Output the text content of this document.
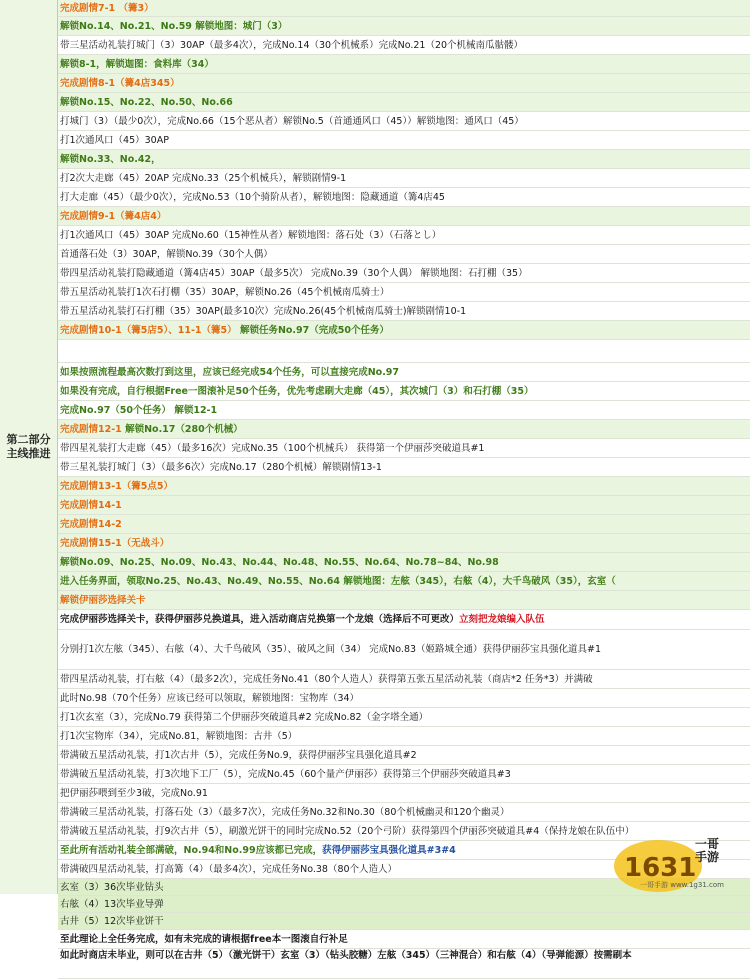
第二部分
主线推进
完成剧情7-1 （篝3）
解锁No.14、No.21、No.59 解锁地图：城门（3）
带三星活动礼装打城门（3）30AP（最多4次），完成No.14（30个机械系）完成No.21（20个机械南瓜骷髅）
解锁8-1，解锁迦图：食料库（34）
完成剧情8-1（篝4店345）
解锁No.15、No.22、No.50、No.66
打城门（3）（最少0次），完成No.66（15个恶从者）解锁No.5（首通通风口（45））解锁地图：通风口（45）
打1次通风口（45）30AP
解锁No.33、No.42，
打2次大走廊（45）20AP 完成No.33（25个机械兵），解锁剧情9-1
打大走廊（45）（最少0次），完成No.53（10个骑阶从者），解锁地图：隐藏通道（篝4店45
完成剧情9-1（篝4店4）
打1次通风口（45）30AP 完成No.60（15神性从者）解锁地图：落石处（3）（石落とし）
首通落石处（3）30AP，解锁No.39（30个人偶）
带四星活动礼装打隐藏通道（篝4店45）30AP（最多5次） 完成No.39（30个人偶） 解锁地图：石打棚（35）
带五星活动礼装打1次石打棚（35）30AP，解锁No.26（45个机械南瓜骑士）
带五星活动礼装打石打棚（35）30AP(最多10次）完成No.26(45个机械南瓜骑士)解锁剧情10-1
完成剧情10-1（篝5店5）、11-1（篝5） 解锁任务No.97（完成50个任务）
如果按照流程最高次数打到这里，应该已经完成54个任务，可以直接完成No.97
如果没有完成，自行根据Free一图滚补足50个任务，优先考虑刷大走廊（45），其次城门（3）和石打棚（35）
完成No.97（50个任务） 解锁12-1
完成剧情12-1 解锁No.17（280个机械）
带四星礼装打大走廊（45）（最多16次）完成No.35（100个机械兵） 获得第一个伊丽莎突破道具#1
带三星礼装打城门（3）（最多6次）完成No.17（280个机械）解锁剧情13-1
完成剧情13-1（篝5点5）
完成剧情14-1
完成剧情14-2
完成剧情15-1（无战斗）
解锁No.09、No.25、No.09、No.43、No.44、No.48、No.55、No.64、No.78~84、No.98
进入任务界面，领取No.25、No.43、No.49、No.55、No.64 解锁地图：左舷（345），右舷（4），大千鸟破风（35），玄室（
解锁伊丽莎选择关卡
完成伊丽莎选择关卡，获得伊丽莎兑换道具，进入活动商店兑换第一个龙娘（选择后不可更改）立刻把龙娘编入队伍
分别打1次左舷（345）、右舷（4）、大千鸟破风（35）、破风之间（34） 完成No.83（姬路城全通）获得伊丽莎宝具强化道具#1
带四星活动礼装，打右舷（4）（最多2次），完成任务No.41（80个人造人）获得第五张五星活动礼装（商店*2 任务*3）并满破
此时No.98（70个任务）应该已经可以领取，解锁地图：宝物库（34）
打1次玄室（3），完成No.79 获得第二个伊丽莎突破道具#2 完成No.82（金字塔全通）
打1次宝物库（34），完成No.81，解锁地图：古井（5）
带满破五星活动礼装，打1次古井（5），完成任务No.9，获得伊丽莎宝具强化道具#2
带满破五星活动礼装，打3次地下工厂（5），完成No.45（60个量产伊丽莎）获得第三个伊丽莎突破道具#3
把伊丽莎喂到至少3破，完成No.91
带满破三星活动礼装，打落石处（3）（最多7次），完成任务No.32和No.30（80个机械幽灵和120个幽灵）
带满破五星活动礼装，打9次古井（5），刷激光饼干的同时完成No.52（20个弓阶）获得第四个伊丽莎突破道具#4（保持龙娘在队伍中）
至此所有活动礼装全部满破，No.94和No.99应该都已完成，获得伊丽莎宝具强化道具#3#4
带满破四星活动礼装，打高篝（4）（最多4次），完成任务No.38（80个人造人）
玄室（3）36次毕业钻头
右舷（4）13次毕业导弹
古井（5）12次毕业饼干
至此理论上全任务完成，如有未完成的请根据free本一图滚自行补足
如此时商店未毕业，则可以在古井（5）（激光饼干）玄室（3）（钻头胶糖）左舷（345）（三神混合）和右舷（4）（导弹能源）按需刷本
1631
一哥
手游
一哥手游 www.1g31.com
